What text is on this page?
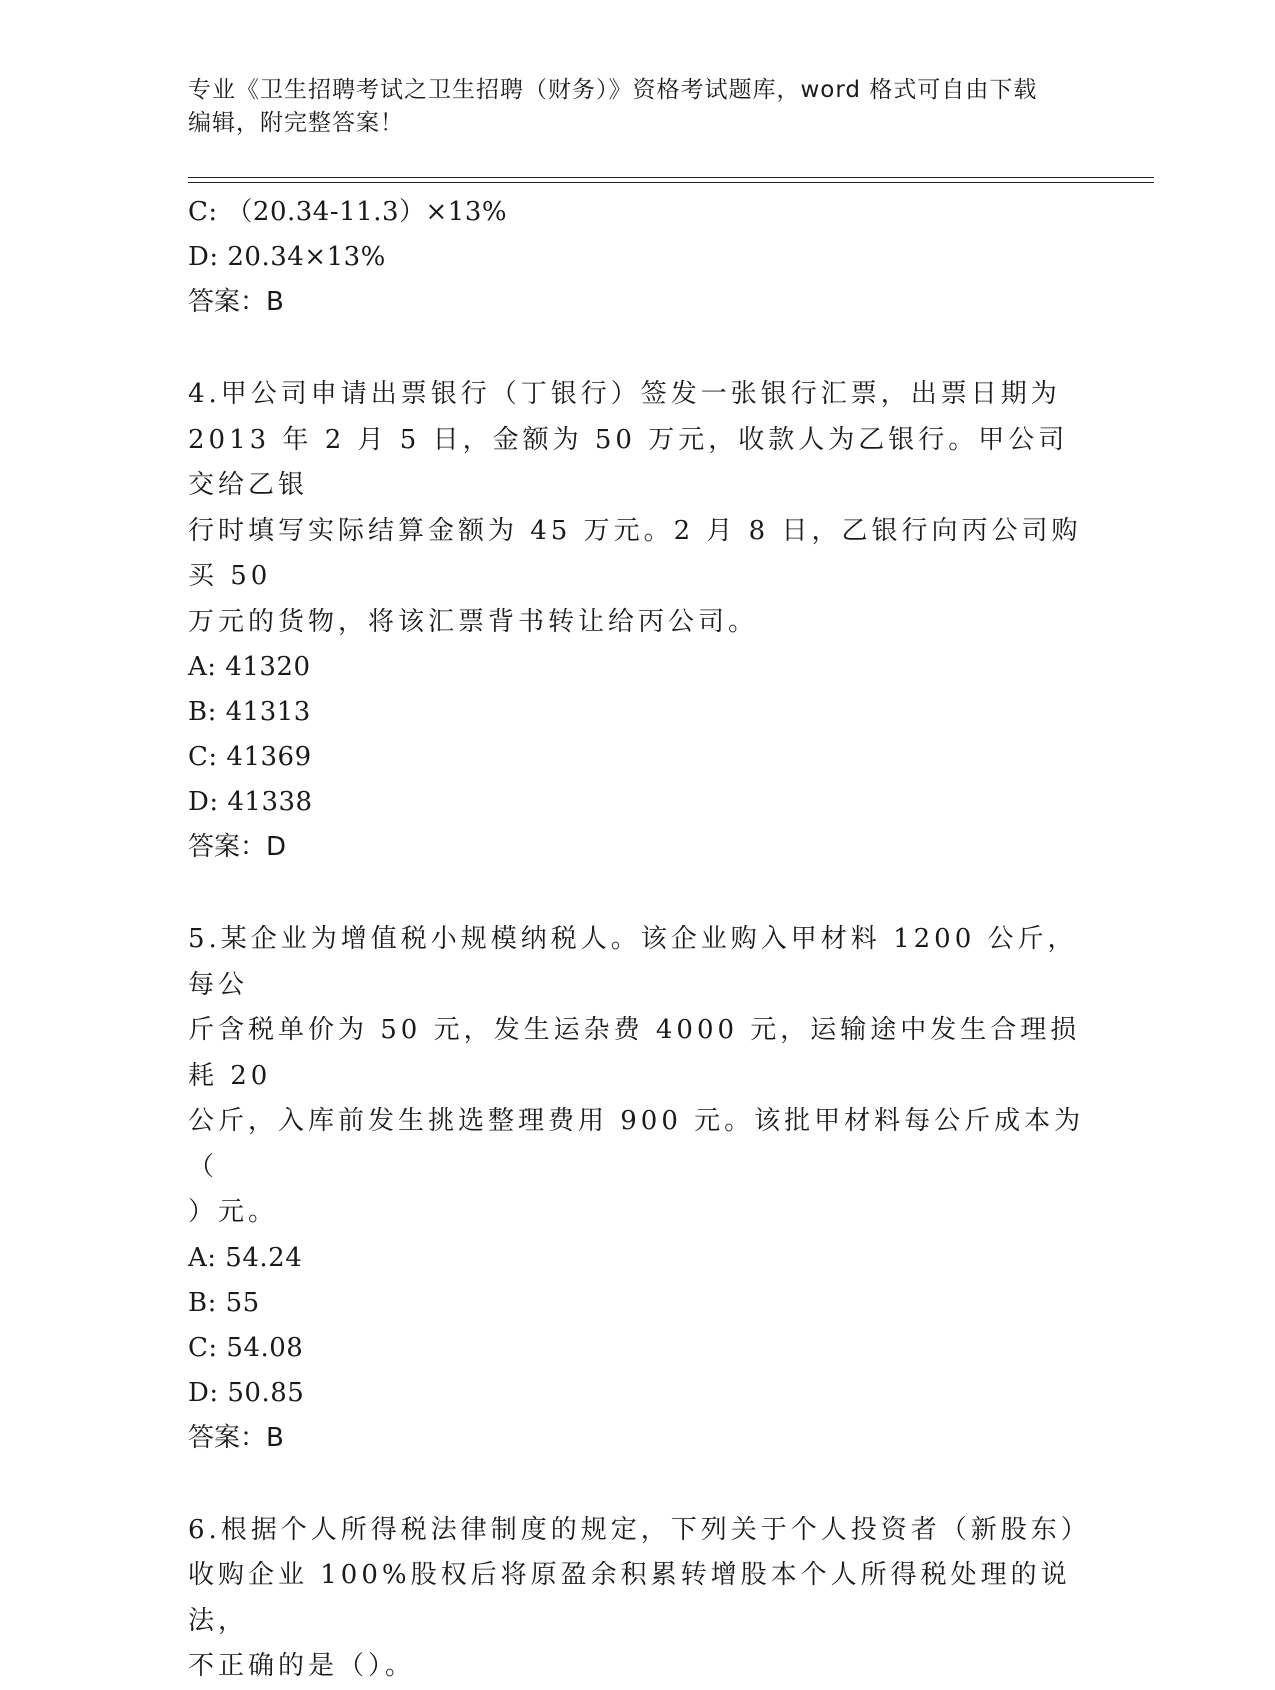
专业《卫生招聘考试之卫生招聘（财务）》资格考试题库，word 格式可自由下载
编辑，附完整答案！
C: （20.34-11.3）×13%
D: 20.34×13%
答案：B
4.甲公司申请出票银行（丁银行）签发一张银行汇票，出票日期为
2013 年 2 月 5 日，金额为 50 万元，收款人为乙银行。甲公司交给乙银
行时填写实际结算金额为 45 万元。2 月 8 日，乙银行向丙公司购买 50
万元的货物，将该汇票背书转让给丙公司。
A: 41320
B: 41313
C: 41369
D: 41338
答案：D
5.某企业为增值税小规模纳税人。该企业购入甲材料 1200 公斤，每公
斤含税单价为 50 元，发生运杂费 4000 元，运输途中发生合理损耗 20
公斤，入库前发生挑选整理费用 900 元。该批甲材料每公斤成本为（
）元。
A: 54.24
B: 55
C: 54.08
D: 50.85
答案：B
6.根据个人所得税法律制度的规定，下列关于个人投资者（新股东）
收购企业 100%股权后将原盈余积累转增股本个人所得税处理的说法，
不正确的是（）。
